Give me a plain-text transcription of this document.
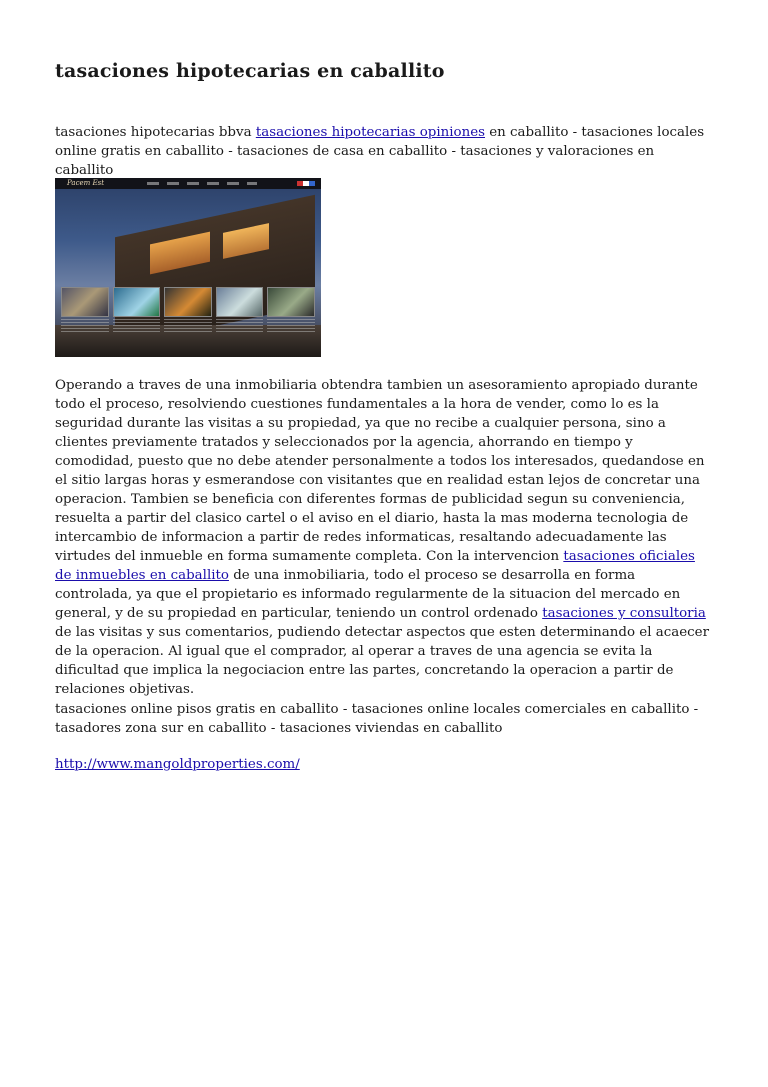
tasaciones hipotecarias en caballito

tasaciones hipotecarias bbva tasaciones hipotecarias opiniones en caballito - tasaciones locales online gratis en caballito - tasaciones de casa en caballito - tasaciones y valoraciones en caballito

Pacem Est

Operando a traves de una inmobiliaria obtendra tambien un asesoramiento apropiado durante todo el proceso, resolviendo cuestiones fundamentales a la hora de vender, como lo es la seguridad durante las visitas a su propiedad, ya que no recibe a cualquier persona, sino a clientes previamente tratados y seleccionados por la agencia, ahorrando en tiempo y comodidad, puesto que no debe atender personalmente a todos los interesados, quedandose en el sitio largas horas y esmerandose con visitantes que en realidad estan lejos de concretar una operacion. Tambien se beneficia con diferentes formas de publicidad segun su conveniencia, resuelta a partir del clasico cartel o el aviso en el diario, hasta la mas moderna tecnologia de intercambio de informacion a partir de redes informaticas, resaltando adecuadamente las virtudes del inmueble en forma sumamente completa. Con la intervencion tasaciones oficiales de inmuebles en caballito de una inmobiliaria, todo el proceso se desarrolla en forma controlada, ya que el propietario es informado regularmente de la situacion del mercado en general, y de su propiedad en particular, teniendo un control ordenado tasaciones y consultoria de las visitas y sus comentarios, pudiendo detectar aspectos que esten determinando el acaecer de la operacion. Al igual que el comprador, al operar a traves de una agencia se evita la dificultad que implica la negociacion entre las partes, concretando la operacion a partir de relaciones objetivas.

tasaciones online pisos gratis en caballito - tasaciones online locales comerciales en caballito - tasadores zona sur en caballito - tasaciones viviendas en caballito

http://www.mangoldproperties.com/
